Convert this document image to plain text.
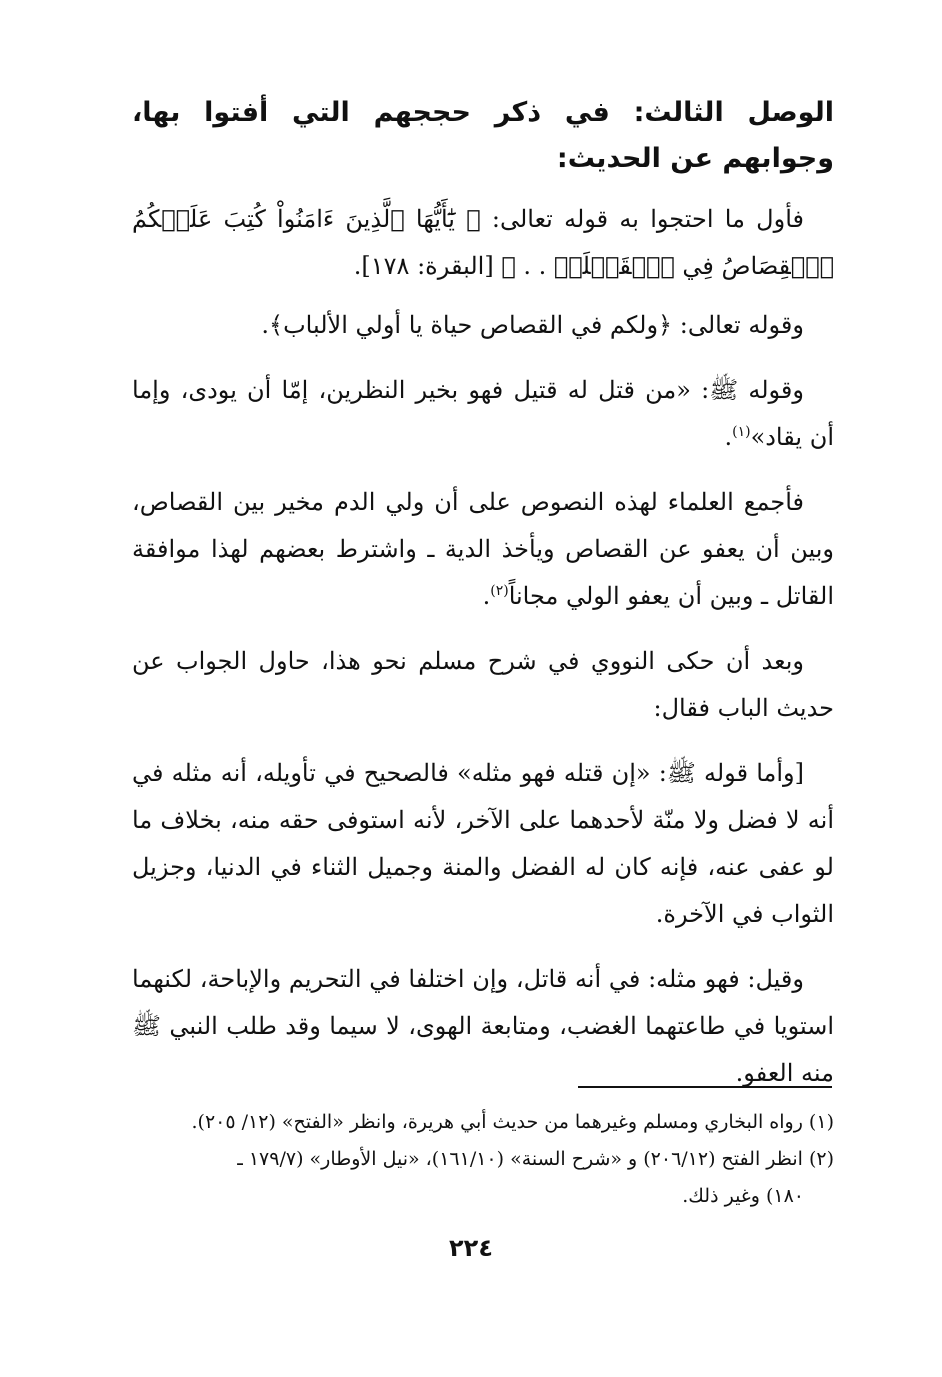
الوصل الثالث: في ذكر حججهم التي أفتوا بها، وجوابهم عن الحديث:

فأول ما احتجوا به قوله تعالى: ﴿ يَٰٓأَيُّهَا ٱلَّذِينَ ءَامَنُواْ كُتِبَ عَلَيۡكُمُ ٱلۡقِصَاصُ فِي ٱلۡقَتۡلَىۖ . . ﴾ [البقرة: ١٧٨].

وقوله تعالى: ﴿ولكم في القصاص حياة يا أولي الألباب﴾.

وقوله ﷺ: «من قتل له قتيل فهو بخير النظرين، إمّا أن يودى، وإما أن يقاد»$^{(١)}$.

فأجمع العلماء لهذه النصوص على أن ولي الدم مخير بين القصاص، وبين أن يعفو عن القصاص ويأخذ الدية ـ واشترط بعضهم لهذا موافقة القاتل ـ وبين أن يعفو الولي مجاناً$^{(٢)}$.

وبعد أن حكى النووي في شرح مسلم نحو هذا، حاول الجواب عن حديث الباب فقال:

[وأما قوله ﷺ: «إن قتله فهو مثله» فالصحيح في تأويله، أنه مثله في أنه لا فضل ولا منّة لأحدهما على الآخر، لأنه استوفى حقه منه، بخلاف ما لو عفى عنه، فإنه كان له الفضل والمنة وجميل الثناء في الدنيا، وجزيل الثواب في الآخرة.

وقيل: فهو مثله: في أنه قاتل، وإن اختلفا في التحريم والإباحة، لكنهما استويا في طاعتهما الغضب، ومتابعة الهوى، لا سيما وقد طلب النبي ﷺ منه العفو.

(١) رواه البخاري ومسلم وغيرهما من حديث أبي هريرة، وانظر «الفتح» (١٢/ ٢٠٥).

(٢) انظر الفتح (٢٠٦/١٢) و «شرح السنة» (١٦١/١٠)، «نيل الأوطار» (١٧٩/٧ ـ

١٨٠) وغير ذلك.

٢٢٤
